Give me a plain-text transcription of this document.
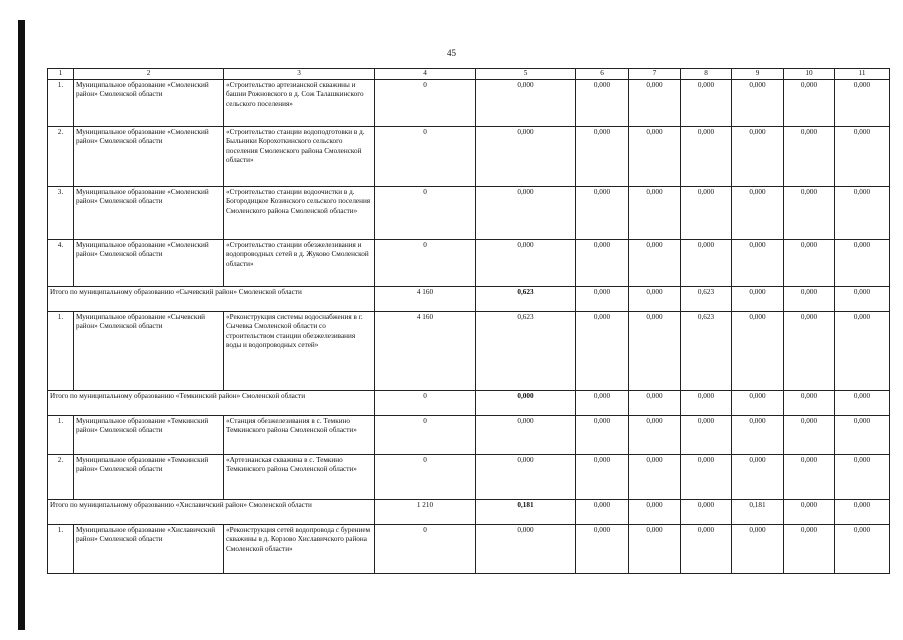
45
1	2	3	4	5	6	7	8	9	10	11
1.	Муниципальное образование «Смоленский район» Смоленской области	«Строительство артезианской скважины и башни Рожновского в д. Сож Талашкинского сельского поселения»	0	0,000	0,000	0,000	0,000	0,000	0,000	0,000
2.	Муниципальное образование «Смоленский район» Смоленской области	«Строительство станции водоподготовки в д. Быльники Корохоткинского сельского поселения Смоленского района Смоленской области»	0	0,000	0,000	0,000	0,000	0,000	0,000	0,000
3.	Муниципальное образование «Смоленский район» Смоленской области	«Строительство станции водоочистки в д. Богородицкое Козинского сельского поселения Смоленского района Смоленской области»	0	0,000	0,000	0,000	0,000	0,000	0,000	0,000
4.	Муниципальное образование «Смоленский район» Смоленской области	«Строительство станции обезжелезивания и водопроводных сетей в д. Жуково Смоленской области»	0	0,000	0,000	0,000	0,000	0,000	0,000	0,000
Итого по муниципальному образованию «Сычевский район» Смоленской области			4 160	0,623	0,000	0,000	0,623	0,000	0,000	0,000
1.	Муниципальное образование «Сычевский район» Смоленской области	«Реконструкция системы водоснабжения в г. Сычевка Смоленской области со строительством станции обезжелезивания воды и водопроводных сетей»	4 160	0,623	0,000	0,000	0,623	0,000	0,000	0,000
Итого по муниципальному образованию «Темкинский район» Смоленской области			0	0,000	0,000	0,000	0,000	0,000	0,000	0,000
1.	Муниципальное образование «Темкинский район» Смоленской области	«Станция обезжелезивания в с. Темкино Темкинского района Смоленской области»	0	0,000	0,000	0,000	0,000	0,000	0,000	0,000
2.	Муниципальное образование «Темкинский район» Смоленской области	«Артезианская скважина в с. Темкино Темкинского района Смоленской области»	0	0,000	0,000	0,000	0,000	0,000	0,000	0,000
Итого по муниципальному образованию «Хиславичский район» Смоленской области			1 210	0,181	0,000	0,000	0,000	0,181	0,000	0,000
1.	Муниципальное образование «Хиславичский район» Смоленской области	«Реконструкция сетей водопровода с бурением скважины в д. Корзово Хиславичского района Смоленской области»	0	0,000	0,000	0,000	0,000	0,000	0,000	0,000
